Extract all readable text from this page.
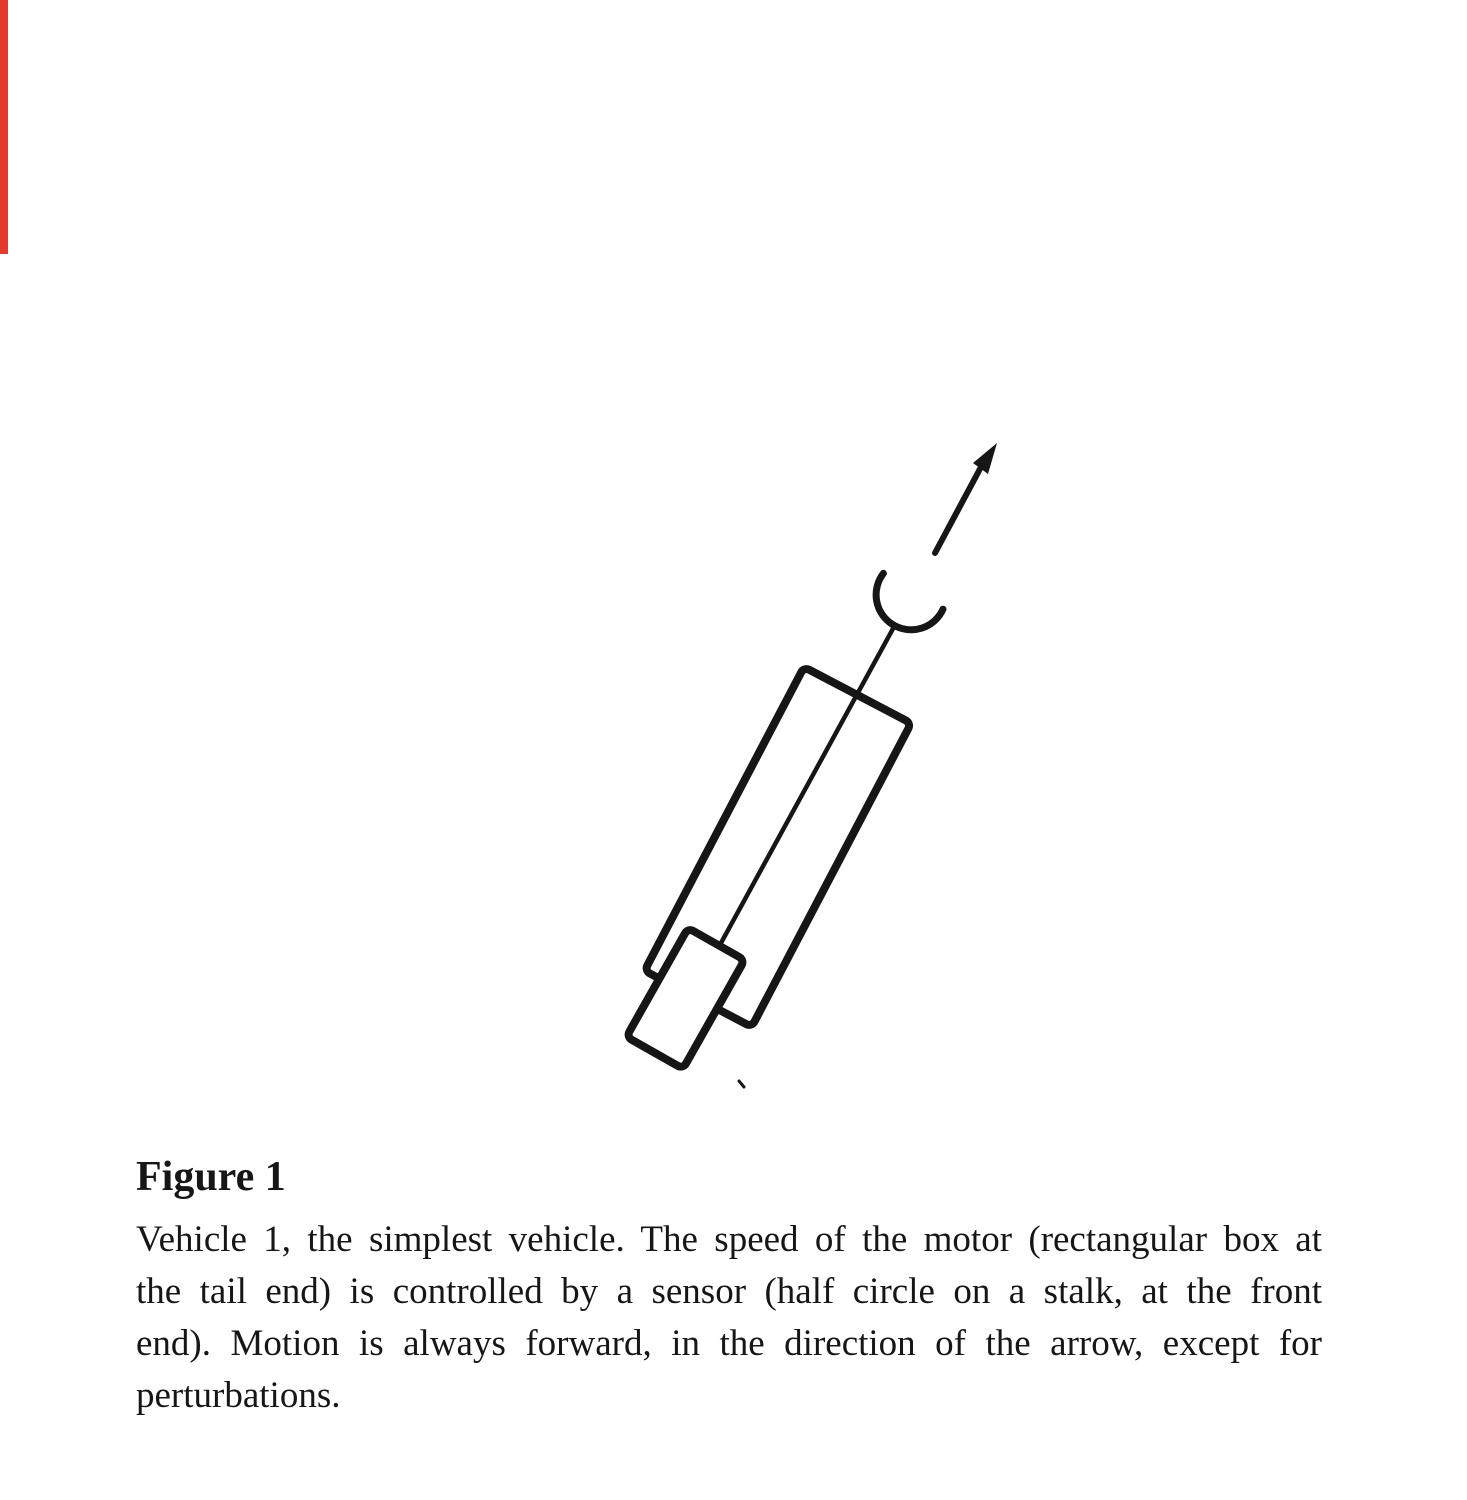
Figure 1
Vehicle 1, the simplest vehicle. The speed of the motor (rectangular box at
the tail end) is controlled by a sensor (half circle on a stalk, at the front
end). Motion is always forward, in the direction of the arrow, except for
perturbations.
